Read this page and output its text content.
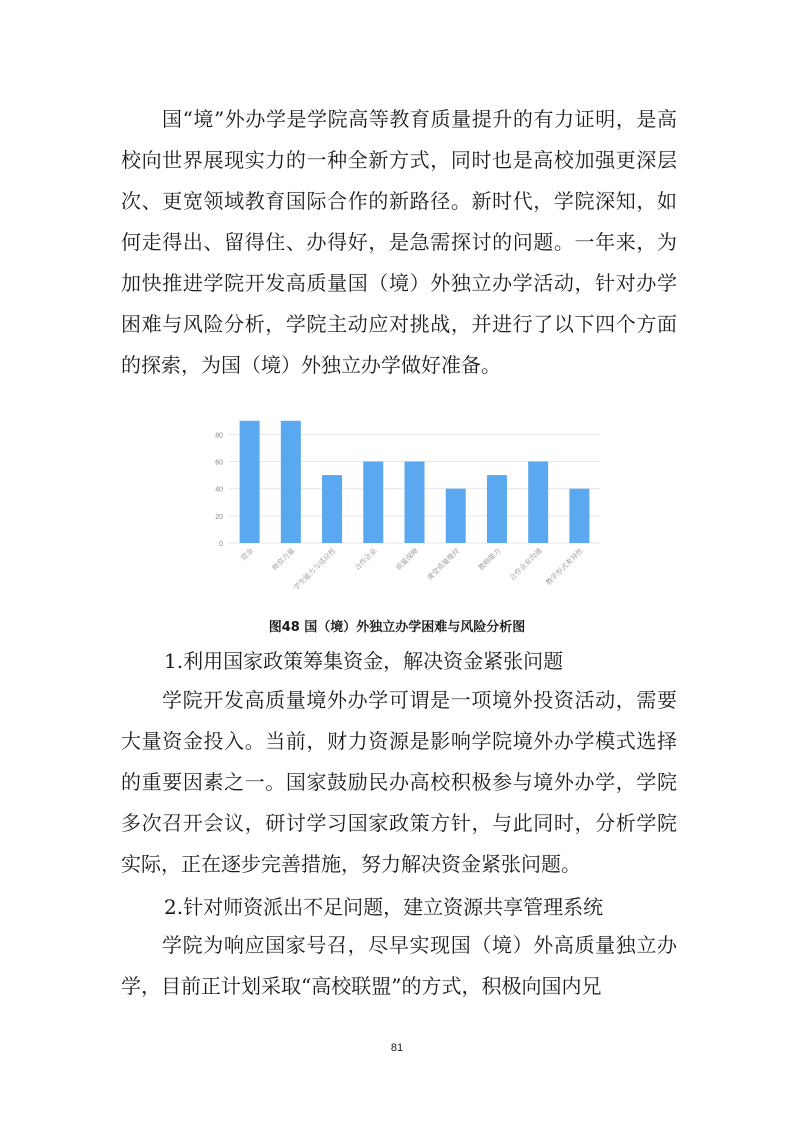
国“境”外办学是学院高等教育质量提升的有力证明，是高校向世界展现实力的一种全新方式，同时也是高校加强更深层次、更宽领域教育国际合作的新路径。新时代，学院深知，如何走得出、留得住、办得好，是急需探讨的问题。一年来，为加快推进学院开发高质量国（境）外独立办学活动，针对办学困难与风险分析，学院主动应对挑战，并进行了以下四个方面的探索，为国（境）外独立办学做好准备。

0
20
40
60
80
资金 师资力量
学生能力与适应性 合作企业 质量保障 课堂质量维持 教师能力 合作企业沟通 教学形式差异性

图48 国（境）外独立办学困难与风险分析图

1.利用国家政策筹集资金，解决资金紧张问题

学院开发高质量境外办学可谓是一项境外投资活动，需要大量资金投入。当前，财力资源是影响学院境外办学模式选择的重要因素之一。国家鼓励民办高校积极参与境外办学，学院多次召开会议，研讨学习国家政策方针，与此同时，分析学院实际，正在逐步完善措施，努力解决资金紧张问题。

2.针对师资派出不足问题，建立资源共享管理系统

学院为响应国家号召，尽早实现国（境）外高质量独立办学，目前正计划采取“高校联盟”的方式，积极向国内兄

81
